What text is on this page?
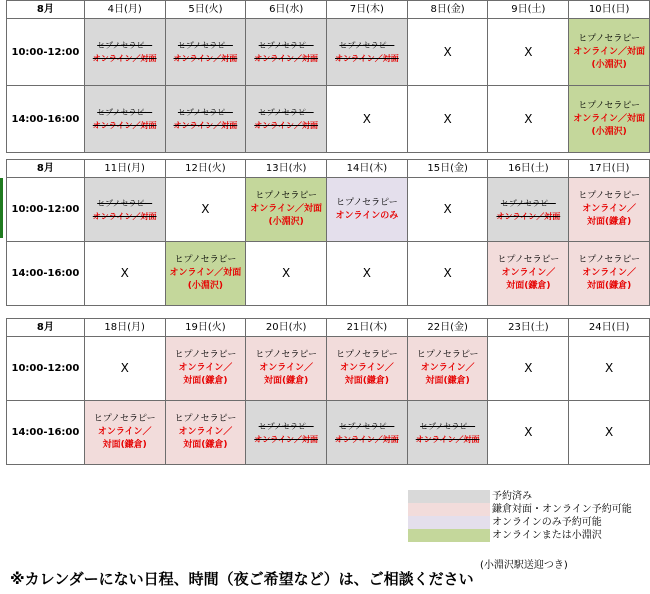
8月	4日(月)	5日(火)	6日(水)	7日(木)	8日(金)	9日(土)	10日(日)
10:00-12:00	ヒプノセラピー
オンライン／対面	ヒプノセラピー
オンライン／対面	ヒプノセラピー
オンライン／対面	ヒプノセラピー
オンライン／対面	X	X	ヒプノセラピー
オンライン／対面
(小淵沢)

14:00-16:00	ヒプノセラピー
オンライン／対面	ヒプノセラピー
オンライン／対面	ヒプノセラピー
オンライン／対面	X	X	X	ヒプノセラピー
オンライン／対面
(小淵沢)
8月	11日(月)	12日(火)	13日(水)	14日(木)	15日(金)	16日(土)	17日(日)
10:00-12:00	ヒプノセラピー
オンライン／対面	X	ヒプノセラピー
オンライン／対面
(小淵沢)	ヒプノセラピー
オンラインのみ	X	ヒプノセラピー
オンライン／対面	ヒプノセラピー
オンライン／
対面(鎌倉)

14:00-16:00	X	ヒプノセラピー
オンライン／対面
(小淵沢)	X	X	X	ヒプノセラピー
オンライン／
対面(鎌倉)	ヒプノセラピー
オンライン／
対面(鎌倉)
8月	18日(月)	19日(火)	20日(水)	21日(木)	22日(金)	23日(土)	24日(日)
10:00-12:00	X	ヒプノセラピー
オンライン／
対面(鎌倉)	ヒプノセラピー
オンライン／
対面(鎌倉)	ヒプノセラピー
オンライン／
対面(鎌倉)	ヒプノセラピー
オンライン／
対面(鎌倉)	X	X
14:00-16:00	ヒプノセラピー
オンライン／
対面(鎌倉)	ヒプノセラピー
オンライン／
対面(鎌倉)	ヒプノセラピー
オンライン／対面	ヒプノセラピー
オンライン／対面	ヒプノセラピー
オンライン／対面	X	X
予約済み
鎌倉対面・オンライン予約可能
オンラインのみ予約可能
オンラインまたは小淵沢
(小淵沢駅送迎つき)
※カレンダーにない日程、時間（夜ご希望など）は、ご相談ください
